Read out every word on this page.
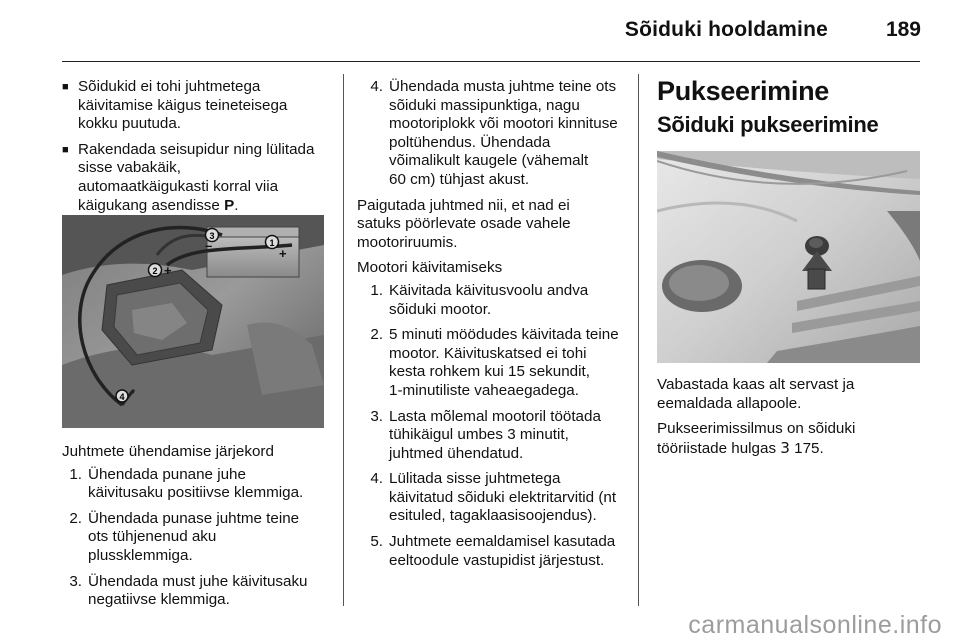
Sõiduki hooldamine	189
■ Sõidukid ei tohi juhtmetega
käivitamise käigus teineteisega
kokku puutuda.

■ Rakendada seisupidur ning lülitada
sisse vabakäik,
automaatkäigukasti korral viia
käigukang asendisse P.

4
2 +
3
–	1
+

Juhtmete ühendamise järjekord

1. Ühendada punane juhe
käivitusaku positiivse klemmiga.

2. Ühendada punase juhtme teine
ots tühjenenud aku
plussklemmiga.

3. Ühendada must juhe käivitusaku
negatiivse klemmiga.

4. Ühendada musta juhtme teine ots
sõiduki massipunktiga, nagu
mootoriplokk või mootori kinnituse
poltühendus. Ühendada
võimalikult kaugele (vähemalt
60 cm) tühjast akust.

Paigutada juhtmed nii, et nad ei
satuks pöörlevate osade vahele
mootoriruumis.

Mootori käivitamiseks

1. Käivitada käivitusvoolu andva
sõiduki mootor.

2. 5 minuti möödudes käivitada teine
mootor. Käivituskatsed ei tohi
kesta rohkem kui 15 sekundit,
1-minutiliste vaheaegadega.

3. Lasta mõlemal mootoril töötada
tühikäigul umbes 3 minutit,
juhtmed ühendatud.

4. Lülitada sisse juhtmetega
käivitatud sõiduki elektritarvitid (nt
esituled, tagaklaasisoojendus).

5. Juhtmete eemaldamisel kasutada
eeltoodule vastupidist järjestust.

Pukseerimine
Sõiduki pukseerimine

Vabastada kaas alt servast ja
eemaldada allapoole.

Pukseerimissilmus on sõiduki
tööriistade hulgas 3 175.

carmanualsonline.info
